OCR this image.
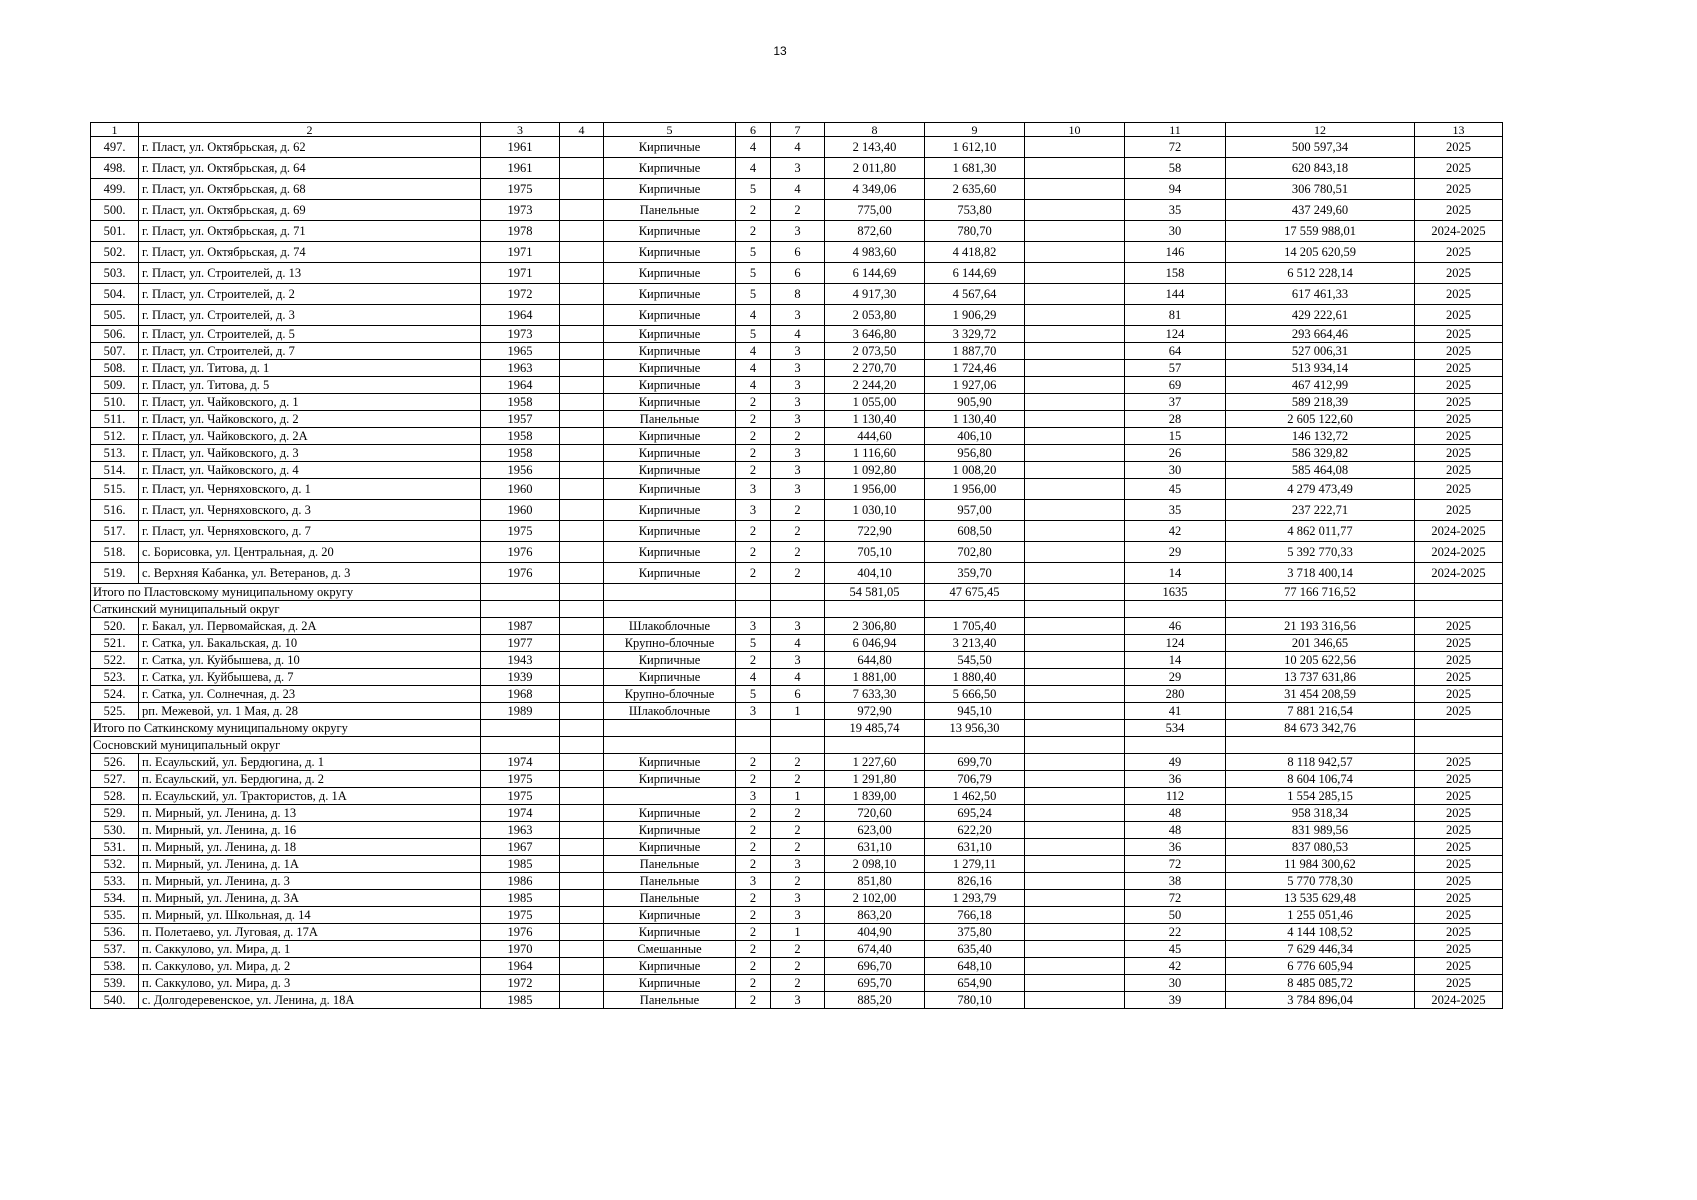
13
1	2	3	4	5	6	7	8	9	10	11	12	13
497.	г. Пласт, ул. Октябрьская, д. 62	1961		Кирпичные	4	4	2 143,40	1 612,10		72	500 597,34	2025
498.	г. Пласт, ул. Октябрьская, д. 64	1961		Кирпичные	4	3	2 011,80	1 681,30		58	620 843,18	2025
499.	г. Пласт, ул. Октябрьская, д. 68	1975		Кирпичные	5	4	4 349,06	2 635,60		94	306 780,51	2025
500.	г. Пласт, ул. Октябрьская, д. 69	1973		Панельные	2	2	775,00	753,80		35	437 249,60	2025
501.	г. Пласт, ул. Октябрьская, д. 71	1978		Кирпичные	2	3	872,60	780,70		30	17 559 988,01	2024-2025
502.	г. Пласт, ул. Октябрьская, д. 74	1971		Кирпичные	5	6	4 983,60	4 418,82		146	14 205 620,59	2025
503.	г. Пласт, ул. Строителей, д. 13	1971		Кирпичные	5	6	6 144,69	6 144,69		158	6 512 228,14	2025
504.	г. Пласт, ул. Строителей, д. 2	1972		Кирпичные	5	8	4 917,30	4 567,64		144	617 461,33	2025
505.	г. Пласт, ул. Строителей, д. 3	1964		Кирпичные	4	3	2 053,80	1 906,29		81	429 222,61	2025
506.	г. Пласт, ул. Строителей, д. 5	1973		Кирпичные	5	4	3 646,80	3 329,72		124	293 664,46	2025
507.	г. Пласт, ул. Строителей, д. 7	1965		Кирпичные	4	3	2 073,50	1 887,70		64	527 006,31	2025
508.	г. Пласт, ул. Титова, д. 1	1963		Кирпичные	4	3	2 270,70	1 724,46		57	513 934,14	2025
509.	г. Пласт, ул. Титова, д. 5	1964		Кирпичные	4	3	2 244,20	1 927,06		69	467 412,99	2025
510.	г. Пласт, ул. Чайковского, д. 1	1958		Кирпичные	2	3	1 055,00	905,90		37	589 218,39	2025
511.	г. Пласт, ул. Чайковского, д. 2	1957		Панельные	2	3	1 130,40	1 130,40		28	2 605 122,60	2025
512.	г. Пласт, ул. Чайковского, д. 2А	1958		Кирпичные	2	2	444,60	406,10		15	146 132,72	2025
513.	г. Пласт, ул. Чайковского, д. 3	1958		Кирпичные	2	3	1 116,60	956,80		26	586 329,82	2025
514.	г. Пласт, ул. Чайковского, д. 4	1956		Кирпичные	2	3	1 092,80	1 008,20		30	585 464,08	2025
515.	г. Пласт, ул. Черняховского, д. 1	1960		Кирпичные	3	3	1 956,00	1 956,00		45	4 279 473,49	2025
516.	г. Пласт, ул. Черняховского, д. 3	1960		Кирпичные	3	2	1 030,10	957,00		35	237 222,71	2025
517.	г. Пласт, ул. Черняховского, д. 7	1975		Кирпичные	2	2	722,90	608,50		42	4 862 011,77	2024-2025
518.	с. Борисовка, ул. Центральная, д. 20	1976		Кирпичные	2	2	705,10	702,80		29	5 392 770,33	2024-2025
519.	с. Верхняя Кабанка, ул. Ветеранов, д. 3	1976		Кирпичные	2	2	404,10	359,70		14	3 718 400,14	2024-2025
Итого по Пластовскому муниципальному округу							54 581,05	47 675,45		1635	77 166 716,52	
Саткинский муниципальный округ												
520.	г. Бакал, ул. Первомайская, д. 2А	1987		Шлакоблочные	3	3	2 306,80	1 705,40		46	21 193 316,56	2025
521.	г. Сатка, ул. Бакальская, д. 10	1977		Крупно-блочные	5	4	6 046,94	3 213,40		124	201 346,65	2025
522.	г. Сатка, ул. Куйбышева, д. 10	1943		Кирпичные	2	3	644,80	545,50		14	10 205 622,56	2025
523.	г. Сатка, ул. Куйбышева, д. 7	1939		Кирпичные	4	4	1 881,00	1 880,40		29	13 737 631,86	2025
524.	г. Сатка, ул. Солнечная, д. 23	1968		Крупно-блочные	5	6	7 633,30	5 666,50		280	31 454 208,59	2025
525.	рп. Межевой, ул. 1 Мая, д. 28	1989		Шлакоблочные	3	1	972,90	945,10		41	7 881 216,54	2025
Итого по Саткинскому муниципальному округу							19 485,74	13 956,30		534	84 673 342,76	
Сосновский муниципальный округ												
526.	п. Есаульский, ул. Бердюгина, д. 1	1974		Кирпичные	2	2	1 227,60	699,70		49	8 118 942,57	2025
527.	п. Есаульский, ул. Бердюгина, д. 2	1975		Кирпичные	2	2	1 291,80	706,79		36	8 604 106,74	2025
528.	п. Есаульский, ул. Трактористов, д. 1А	1975			3	1	1 839,00	1 462,50		112	1 554 285,15	2025
529.	п. Мирный, ул. Ленина, д. 13	1974		Кирпичные	2	2	720,60	695,24		48	958 318,34	2025
530.	п. Мирный, ул. Ленина, д. 16	1963		Кирпичные	2	2	623,00	622,20		48	831 989,56	2025
531.	п. Мирный, ул. Ленина, д. 18	1967		Кирпичные	2	2	631,10	631,10		36	837 080,53	2025
532.	п. Мирный, ул. Ленина, д. 1А	1985		Панельные	2	3	2 098,10	1 279,11		72	11 984 300,62	2025
533.	п. Мирный, ул. Ленина, д. 3	1986		Панельные	3	2	851,80	826,16		38	5 770 778,30	2025
534.	п. Мирный, ул. Ленина, д. 3А	1985		Панельные	2	3	2 102,00	1 293,79		72	13 535 629,48	2025
535.	п. Мирный, ул. Школьная, д. 14	1975		Кирпичные	2	3	863,20	766,18		50	1 255 051,46	2025
536.	п. Полетаево, ул. Луговая, д. 17А	1976		Кирпичные	2	1	404,90	375,80		22	4 144 108,52	2025
537.	п. Саккулово, ул. Мира, д. 1	1970		Смешанные	2	2	674,40	635,40		45	7 629 446,34	2025
538.	п. Саккулово, ул. Мира, д. 2	1964		Кирпичные	2	2	696,70	648,10		42	6 776 605,94	2025
539.	п. Саккулово, ул. Мира, д. 3	1972		Кирпичные	2	2	695,70	654,90		30	8 485 085,72	2025
540.	с. Долгодеревенское, ул. Ленина, д. 18А	1985		Панельные	2	3	885,20	780,10		39	3 784 896,04	2024-2025
